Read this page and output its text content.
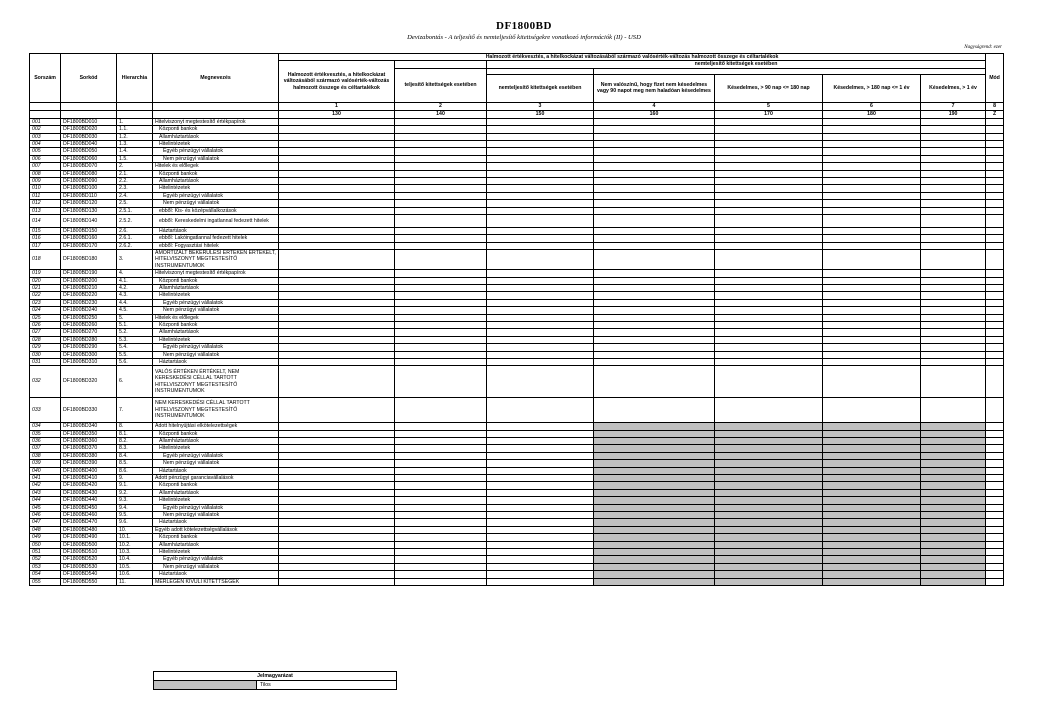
DF1800BD
Devizabontás - A teljesítő és nemteljesítő kitettségekre vonatkozó információk (II) - USD
Nagyságrend: ezer
Sorszám	Sorkód	Hierarchia	Megnevezés	Halmozott értékvesztés, a hitelkockázat változásából származó valósérték-változás halmozott összege és céltartalékok							Mód
				Halmozott értékvesztés, a hitelkockázat változásából származó valósérték-változás halmozott összege és céltartalékok		nemteljesítő kitettségek esetében					
					teljesítő kitettségek esetében						
						nemteljesítő kitettségek esetében	Nem valószínű, hogy fizet nem késedelmes vagy 90 napot meg nem haladóan késedelmes	Késedelmes, > 90 nap <= 180 nap	Késedelmes, > 180 nap <= 1 év	Késedelmes, > 1 év	
				1	2	3	4	5	6	7	8
				130	140	150	160	170	180	190	Z
001	DF1800BD010	1.	Hitelviszonyt megtestesítő értékpapírok								
002	DF1800BD020	1.1.	Központi bankok								
003	DF1800BD030	1.2.	Államháztartások								
004	DF1800BD040	1.3.	Hitelintézetek								
005	DF1800BD050	1.4.	Egyéb pénzügyi vállalatok								
006	DF1800BD060	1.5.	Nem pénzügyi vállalatok								
007	DF1800BD070	2.	Hitelek és előlegek								
008	DF1800BD080	2.1.	Központi bankok								
009	DF1800BD090	2.2.	Államháztartások								
010	DF1800BD100	2.3.	Hitelintézetek								
011	DF1800BD110	2.4.	Egyéb pénzügyi vállalatok								
012	DF1800BD120	2.5.	Nem pénzügyi vállalatok								
013	DF1800BD130	2.5.1.	ebből: Kis- és középvállalkozások								
014	DF1800BD140	2.5.2.	ebből: Kereskedelmi ingatlannal fedezett hitelek								
015	DF1800BD150	2.6.	Háztartások								
016	DF1800BD160	2.6.1.	ebből: Lakóingatlannal fedezett hitelek								
017	DF1800BD170	2.6.2.	ebből: Fogyasztási hitelek								
018	DF1800BD180	3.	AMORTIZÁLT BEKERÜLÉSI ÉRTÉKEN ÉRTÉKELT, HITELVISZONYT MEGTESTESÍTŐ INSTRUMENTUMOK								
019	DF1800BD190	4.	Hitelviszonyt megtestesítő értékpapírok								
020	DF1800BD200	4.1.	Központi bankok								
021	DF1800BD210	4.2.	Államháztartások								
022	DF1800BD220	4.3.	Hitelintézetek								
023	DF1800BD230	4.4.	Egyéb pénzügyi vállalatok								
024	DF1800BD240	4.5.	Nem pénzügyi vállalatok								
025	DF1800BD250	5.	Hitelek és előlegek								
026	DF1800BD260	5.1.	Központi bankok								
027	DF1800BD270	5.2.	Államháztartások								
028	DF1800BD280	5.3.	Hitelintézetek								
029	DF1800BD290	5.4.	Egyéb pénzügyi vállalatok								
030	DF1800BD300	5.5.	Nem pénzügyi vállalatok								
031	DF1800BD310	5.6.	Háztartások								
032	DF1800BD320	6.	VALÓS ÉRTÉKEN ÉRTÉKELT, NEM KERESKEDÉSI CÉLLAL TARTOTT HITELVISZONYT MEGTESTESÍTŐ INSTRUMENTUMOK								
033	DF1800BD330	7.	NEM KERESKEDÉSI CÉLLAL TARTOTT HITELVISZONYT MEGTESTESÍTŐ INSTRUMENTUMOK								
034	DF1800BD340	8.	Adott hitelnyújtási elkötelezettségek								
035	DF1800BD350	8.1.	Központi bankok								
036	DF1800BD360	8.2.	Államháztartások								
037	DF1800BD370	8.3.	Hitelintézetek								
038	DF1800BD380	8.4.	Egyéb pénzügyi vállalatok								
039	DF1800BD390	8.5.	Nem pénzügyi vállalatok								
040	DF1800BD400	8.6.	Háztartások								
041	DF1800BD410	9.	Adott pénzügyi garanciavállalások								
042	DF1800BD420	9.1.	Központi bankok								
043	DF1800BD430	9.2.	Államháztartások								
044	DF1800BD440	9.3.	Hitelintézetek								
045	DF1800BD450	9.4.	Egyéb pénzügyi vállalatok								
046	DF1800BD460	9.5.	Nem pénzügyi vállalatok								
047	DF1800BD470	9.6.	Háztartások								
048	DF1800BD480	10.	Egyéb adott kötelezettségvállalások								
049	DF1800BD490	10.1.	Központi bankok								
050	DF1800BD500	10.2.	Államháztartások								
051	DF1800BD510	10.3.	Hitelintézetek								
052	DF1800BD520	10.4.	Egyéb pénzügyi vállalatok								
053	DF1800BD530	10.5.	Nem pénzügyi vállalatok								
054	DF1800BD540	10.6.	Háztartások								
055	DF1800BD550	11.	MÉRLEGEN KÍVÜLI KITETTSÉGEK								
Jelmagyarázat
	Tilos
